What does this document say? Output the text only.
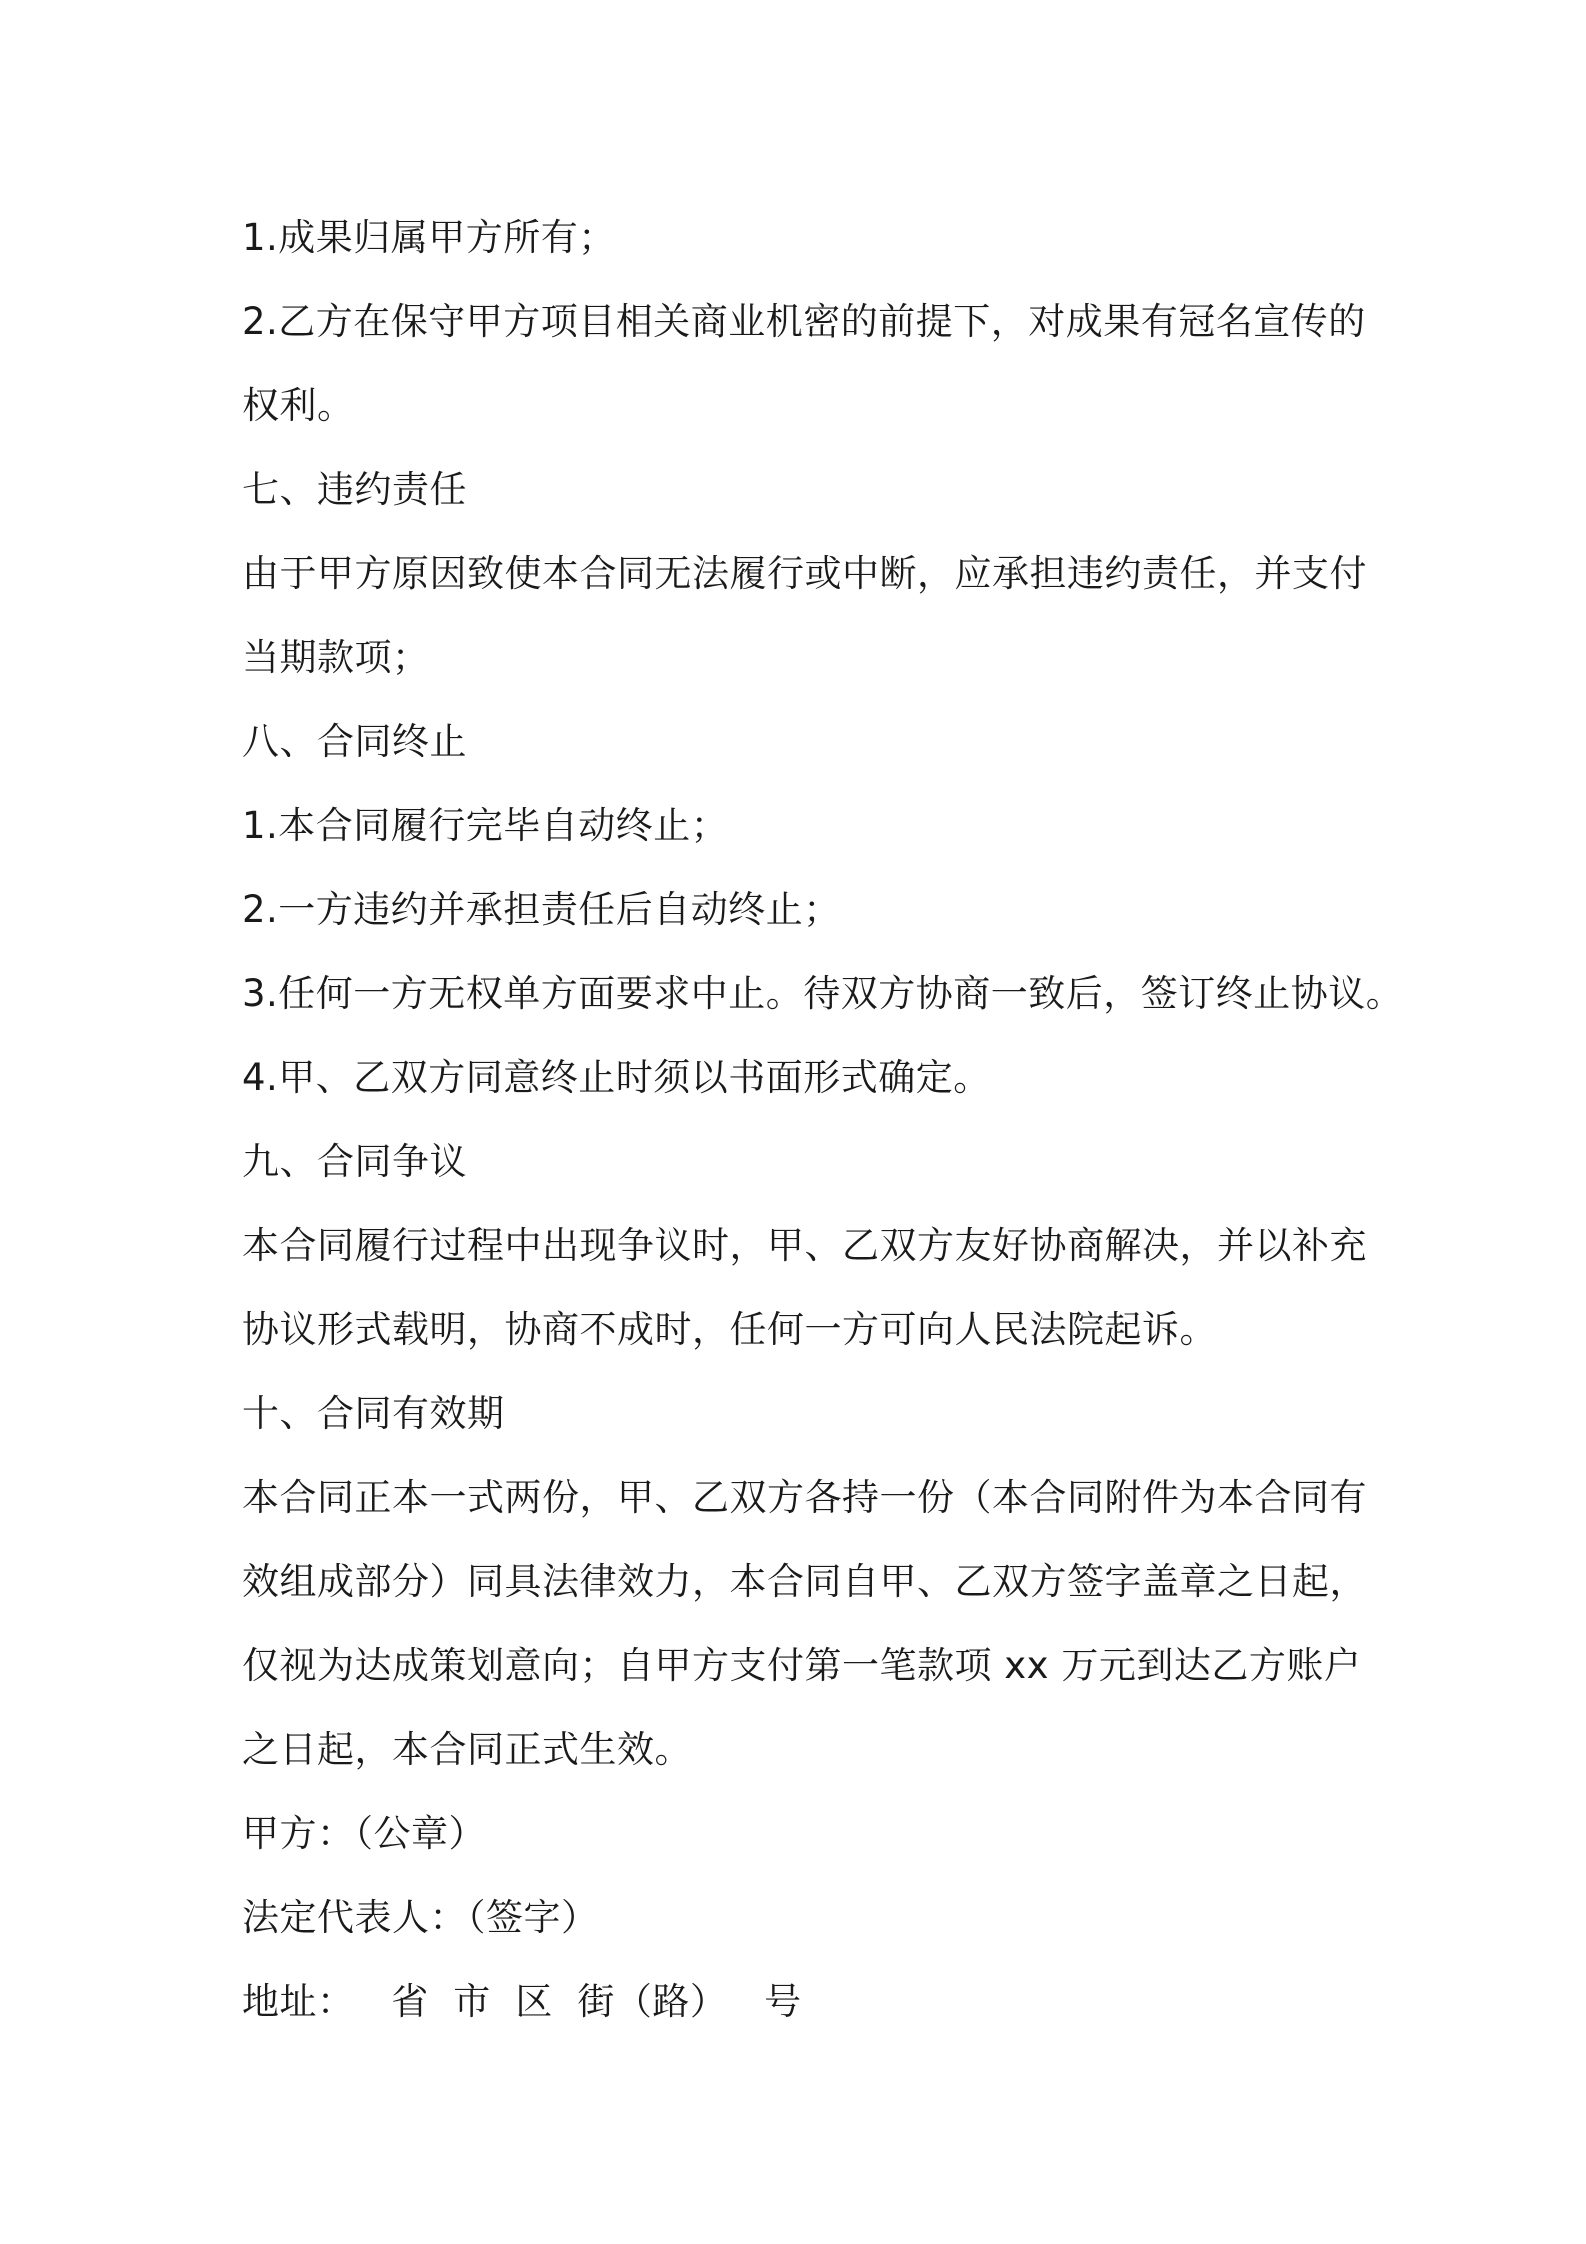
1.成果归属甲方所有；
2.乙方在保守甲方项目相关商业机密的前提下，对成果有冠名宣传的
权利。
七、违约责任
由于甲方原因致使本合同无法履行或中断，应承担违约责任，并支付
当期款项；
八、合同终止
1.本合同履行完毕自动终止；
2.一方违约并承担责任后自动终止；
3.任何一方无权单方面要求中止。待双方协商一致后，签订终止协议。
4.甲、乙双方同意终止时须以书面形式确定。
九、合同争议
本合同履行过程中出现争议时，甲、乙双方友好协商解决，并以补充
协议形式载明，协商不成时，任何一方可向人民法院起诉。
十、合同有效期
本合同正本一式两份，甲、乙双方各持一份（本合同附件为本合同有
效组成部分）同具法律效力，本合同自甲、乙双方签字盖章之日起，
仅视为达成策划意向；自甲方支付第一笔款项 xx 万元到达乙方账户
之日起，本合同正式生效。
甲方：（公章）
法定代表人：（签字）
地址：   省  市  区  街（路）   号
